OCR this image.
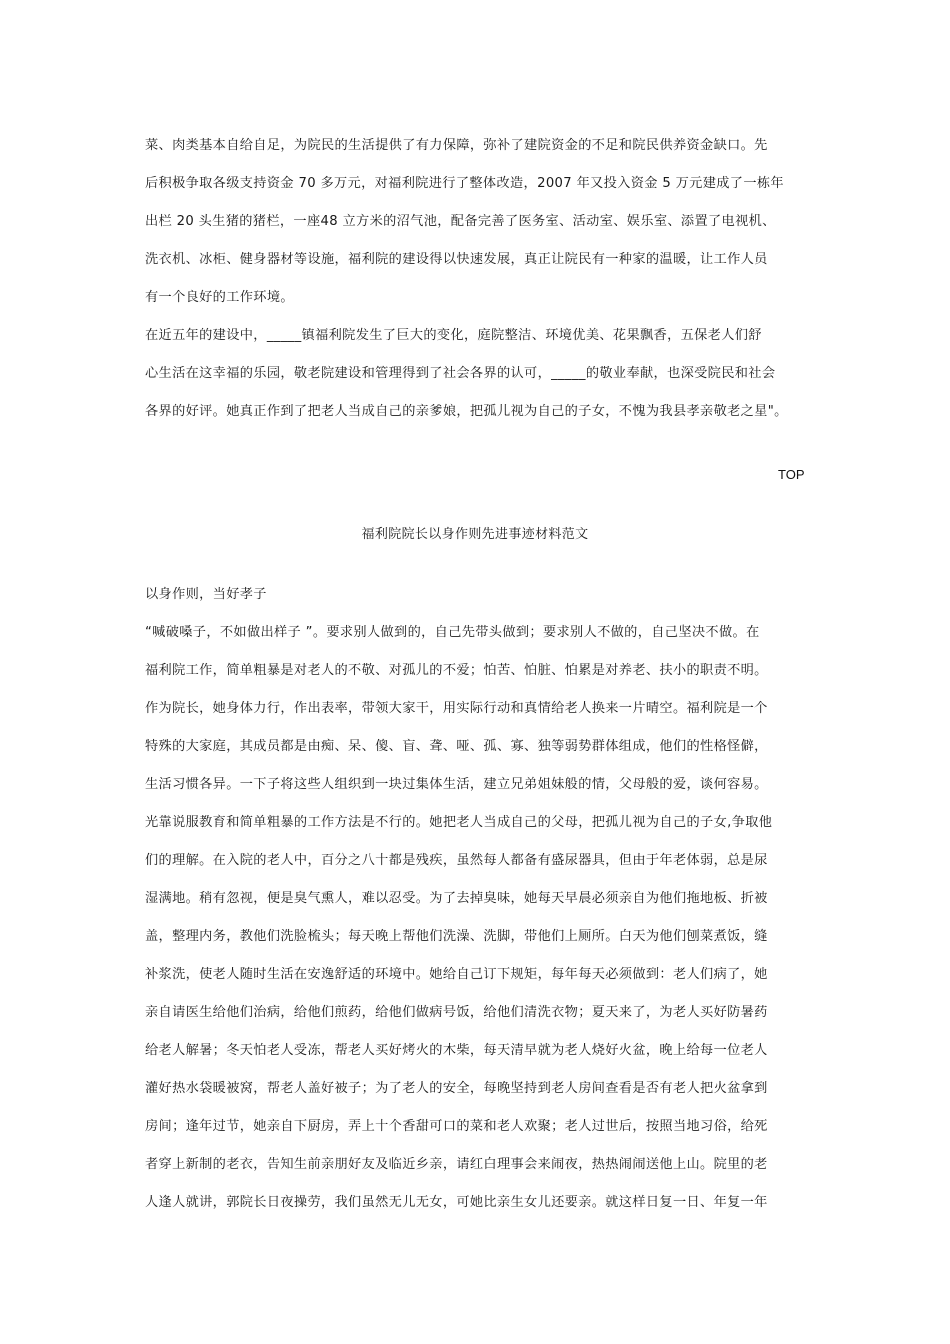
菜、肉类基本自给自足，为院民的生活提供了有力保障，弥补了建院资金的不足和院民供养资金缺口。先
后积极争取各级支持资金 70 多万元，对福利院进行了整体改造，2007 年又投入资金 5 万元建成了一栋年
出栏 20 头生猪的猪栏，一座48 立方米的沼气池，配备完善了医务室、活动室、娱乐室、添置了电视机、
洗衣机、冰柜、健身器材等设施，福利院的建设得以快速发展，真正让院民有一种家的温暖，让工作人员
有一个良好的工作环境。
在近五年的建设中，_____镇福利院发生了巨大的变化，庭院整洁、环境优美、花果飘香，五保老人们舒
心生活在这幸福的乐园，敬老院建设和管理得到了社会各界的认可，_____的敬业奉献，也深受院民和社会
各界的好评。她真正作到了把老人当成自己的亲爹娘，把孤儿视为自己的子女，不愧为我县孝亲敬老之星"。
TOP
福利院院长以身作则先进事迹材料范文
以身作则，当好孝子
“喊破嗓子，不如做出样子 ”。要求别人做到的，自己先带头做到；要求别人不做的，自己坚决不做。在
福利院工作，简单粗暴是对老人的不敬、对孤儿的不爱；怕苦、怕脏、怕累是对养老、扶小的职责不明。
作为院长，她身体力行，作出表率，带领大家干，用实际行动和真情给老人换来一片晴空。福利院是一个
特殊的大家庭，其成员都是由痴、呆、傻、盲、聋、哑、孤、寡、独等弱势群体组成，他们的性格怪僻，
生活习惯各异。一下子将这些人组织到一块过集体生活，建立兄弟姐妹般的情，父母般的爱，谈何容易。
光靠说服教育和简单粗暴的工作方法是不行的。她把老人当成自己的父母，把孤儿视为自己的子女,争取他
们的理解。在入院的老人中，百分之八十都是残疾，虽然每人都备有盛尿器具，但由于年老体弱，总是尿
湿满地。稍有忽视，便是臭气熏人，难以忍受。为了去掉臭味，她每天早晨必须亲自为他们拖地板、折被
盖，整理内务，教他们洗脸梳头；每天晚上帮他们洗澡、洗脚，带他们上厕所。白天为他们刨菜煮饭，缝
补浆洗，使老人随时生活在安逸舒适的环境中。她给自己订下规矩，每年每天必须做到：老人们病了，她
亲自请医生给他们治病，给他们煎药，给他们做病号饭，给他们清洗衣物；夏天来了，为老人买好防暑药
给老人解暑；冬天怕老人受冻，帮老人买好烤火的木柴，每天清早就为老人烧好火盆，晚上给每一位老人
灌好热水袋暖被窝，帮老人盖好被子；为了老人的安全，每晚坚持到老人房间查看是否有老人把火盆拿到
房间；逢年过节，她亲自下厨房，弄上十个香甜可口的菜和老人欢聚；老人过世后，按照当地习俗，给死
者穿上新制的老衣，告知生前亲朋好友及临近乡亲，请红白理事会来闹夜，热热闹闹送他上山。院里的老
人逢人就讲，郭院长日夜操劳，我们虽然无儿无女，可她比亲生女儿还要亲。就这样日复一日、年复一年
